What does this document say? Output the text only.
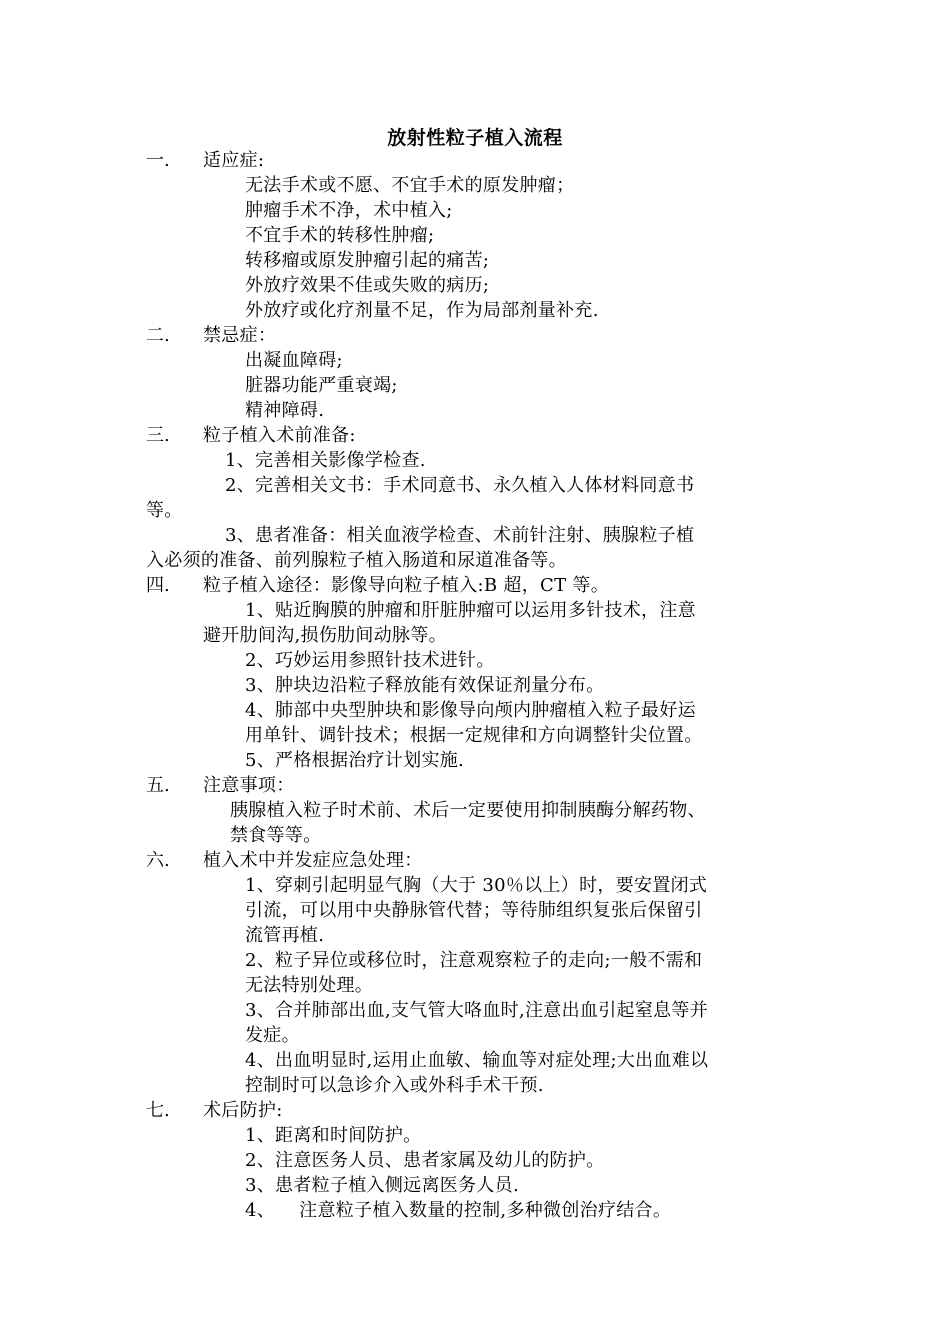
放射性粒子植入流程
一. 适应症:
无法手术或不愿、不宜手术的原发肿瘤；
肿瘤手术不净，术中植入;
不宜手术的转移性肿瘤;
转移瘤或原发肿瘤引起的痛苦;
外放疗效果不佳或失败的病历;
外放疗或化疗剂量不足，作为局部剂量补充.
二. 禁忌症：
出凝血障碍;
脏器功能严重衰竭;
精神障碍.
三. 粒子植入术前准备:
1、完善相关影像学检查.
2、完善相关文书：手术同意书、永久植入人体材料同意书
等。
3、患者准备：相关血液学检查、术前针注射、胰腺粒子植
入必须的准备、前列腺粒子植入肠道和尿道准备等。
四. 粒子植入途径：影像导向粒子植入:B 超，CT 等。
1、贴近胸膜的肿瘤和肝脏肿瘤可以运用多针技术，注意
避开肋间沟,损伤肋间动脉等。
2、巧妙运用参照针技术进针。
3、肿块边沿粒子释放能有效保证剂量分布。
4、肺部中央型肿块和影像导向颅内肿瘤植入粒子最好运
用单针、调针技术；根据一定规律和方向调整针尖位置。
5、严格根据治疗计划实施.
五. 注意事项：
胰腺植入粒子时术前、术后一定要使用抑制胰酶分解药物、
禁食等等。
六. 植入术中并发症应急处理：
1、穿刺引起明显气胸（大于 30％以上）时，要安置闭式
引流，可以用中央静脉管代替；等待肺组织复张后保留引
流管再植.
2、粒子异位或移位时，注意观察粒子的走向;一般不需和
无法特别处理。
3、合并肺部出血,支气管大咯血时,注意出血引起窒息等并
发症。
4、出血明显时,运用止血敏、输血等对症处理;大出血难以
控制时可以急诊介入或外科手术干预.
七. 术后防护:
1、距离和时间防护。
2、注意医务人员、患者家属及幼儿的防护。
3、患者粒子植入侧远离医务人员.
4、    注意粒子植入数量的控制,多种微创治疗结合。
